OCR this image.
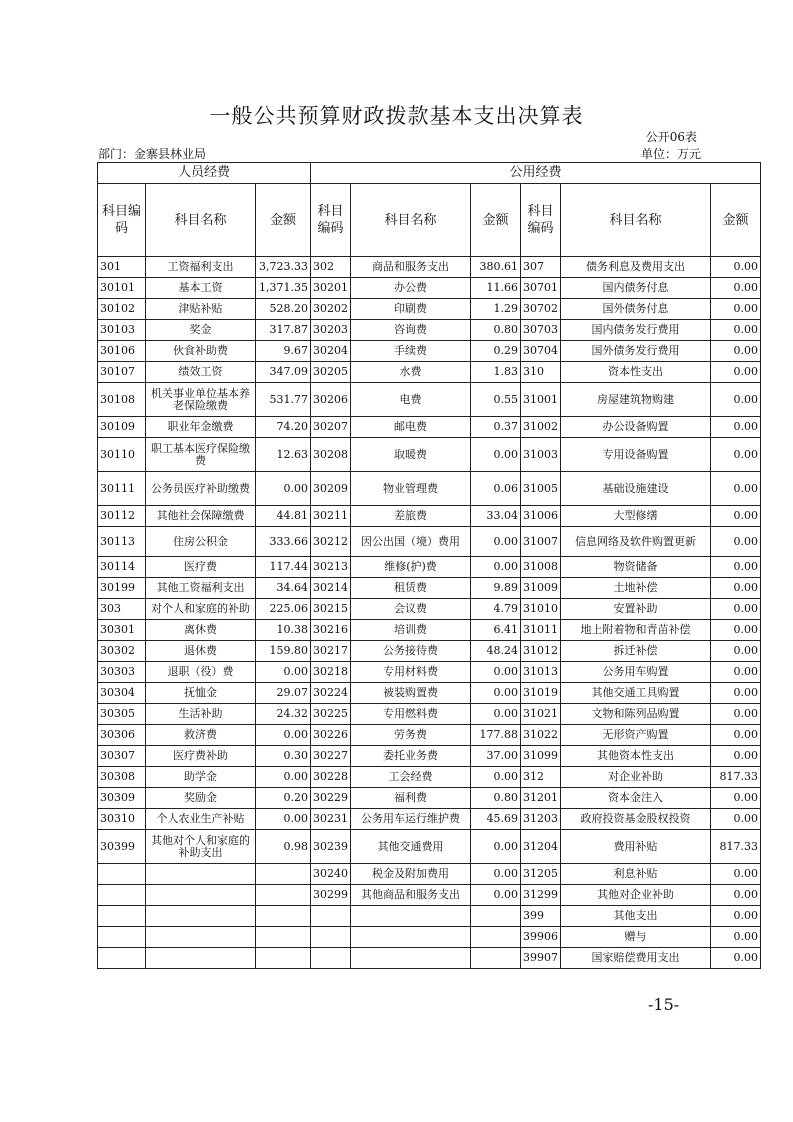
一般公共预算财政拨款基本支出决算表
公开06表
部门：金寨县林业局	单位：万元
人员经费			公用经费					
科目编码	科目名称	金额	科目编码	科目名称	金额	科目编码	科目名称	金额
301	工资福利支出	3,723.33	302	商品和服务支出	380.61	307	债务利息及费用支出	0.00
30101	基本工资	1,371.35	30201	办公费	11.66	30701	国内债务付息	0.00
30102	津贴补贴	528.20	30202	印刷费	1.29	30702	国外债务付息	0.00
30103	奖金	317.87	30203	咨询费	0.80	30703	国内债务发行费用	0.00
30106	伙食补助费	9.67	30204	手续费	0.29	30704	国外债务发行费用	0.00
30107	绩效工资	347.09	30205	水费	1.83	310	资本性支出	0.00
30108	机关事业单位基本养老保险缴费	531.77	30206	电费	0.55	31001	房屋建筑物购建	0.00
30109	职业年金缴费	74.20	30207	邮电费	0.37	31002	办公设备购置	0.00
30110	职工基本医疗保险缴费	12.63	30208	取暖费	0.00	31003	专用设备购置	0.00
30111	公务员医疗补助缴费	0.00	30209	物业管理费	0.06	31005	基础设施建设	0.00
30112	其他社会保障缴费	44.81	30211	差旅费	33.04	31006	大型修缮	0.00
30113	住房公积金	333.66	30212	因公出国（境）费用	0.00	31007	信息网络及软件购置更新	0.00
30114	医疗费	117.44	30213	维修(护)费	0.00	31008	物资储备	0.00
30199	其他工资福利支出	34.64	30214	租赁费	9.89	31009	土地补偿	0.00
303	对个人和家庭的补助	225.06	30215	会议费	4.79	31010	安置补助	0.00
30301	离休费	10.38	30216	培训费	6.41	31011	地上附着物和青苗补偿	0.00
30302	退休费	159.80	30217	公务接待费	48.24	31012	拆迁补偿	0.00
30303	退职（役）费	0.00	30218	专用材料费	0.00	31013	公务用车购置	0.00
30304	抚恤金	29.07	30224	被装购置费	0.00	31019	其他交通工具购置	0.00
30305	生活补助	24.32	30225	专用燃料费	0.00	31021	文物和陈列品购置	0.00
30306	救济费	0.00	30226	劳务费	177.88	31022	无形资产购置	0.00
30307	医疗费补助	0.30	30227	委托业务费	37.00	31099	其他资本性支出	0.00
30308	助学金	0.00	30228	工会经费	0.00	312	对企业补助	817.33
30309	奖励金	0.20	30229	福利费	0.80	31201	资本金注入	0.00
30310	个人农业生产补贴	0.00	30231	公务用车运行维护费	45.69	31203	政府投资基金股权投资	0.00
30399	其他对个人和家庭的补助支出	0.98	30239	其他交通费用	0.00	31204	费用补贴	817.33
			30240	税金及附加费用	0.00	31205	利息补贴	0.00
			30299	其他商品和服务支出	0.00	31299	其他对企业补助	0.00
						399	其他支出	0.00
						39906	赠与	0.00
						39907	国家赔偿费用支出	0.00
-15-
